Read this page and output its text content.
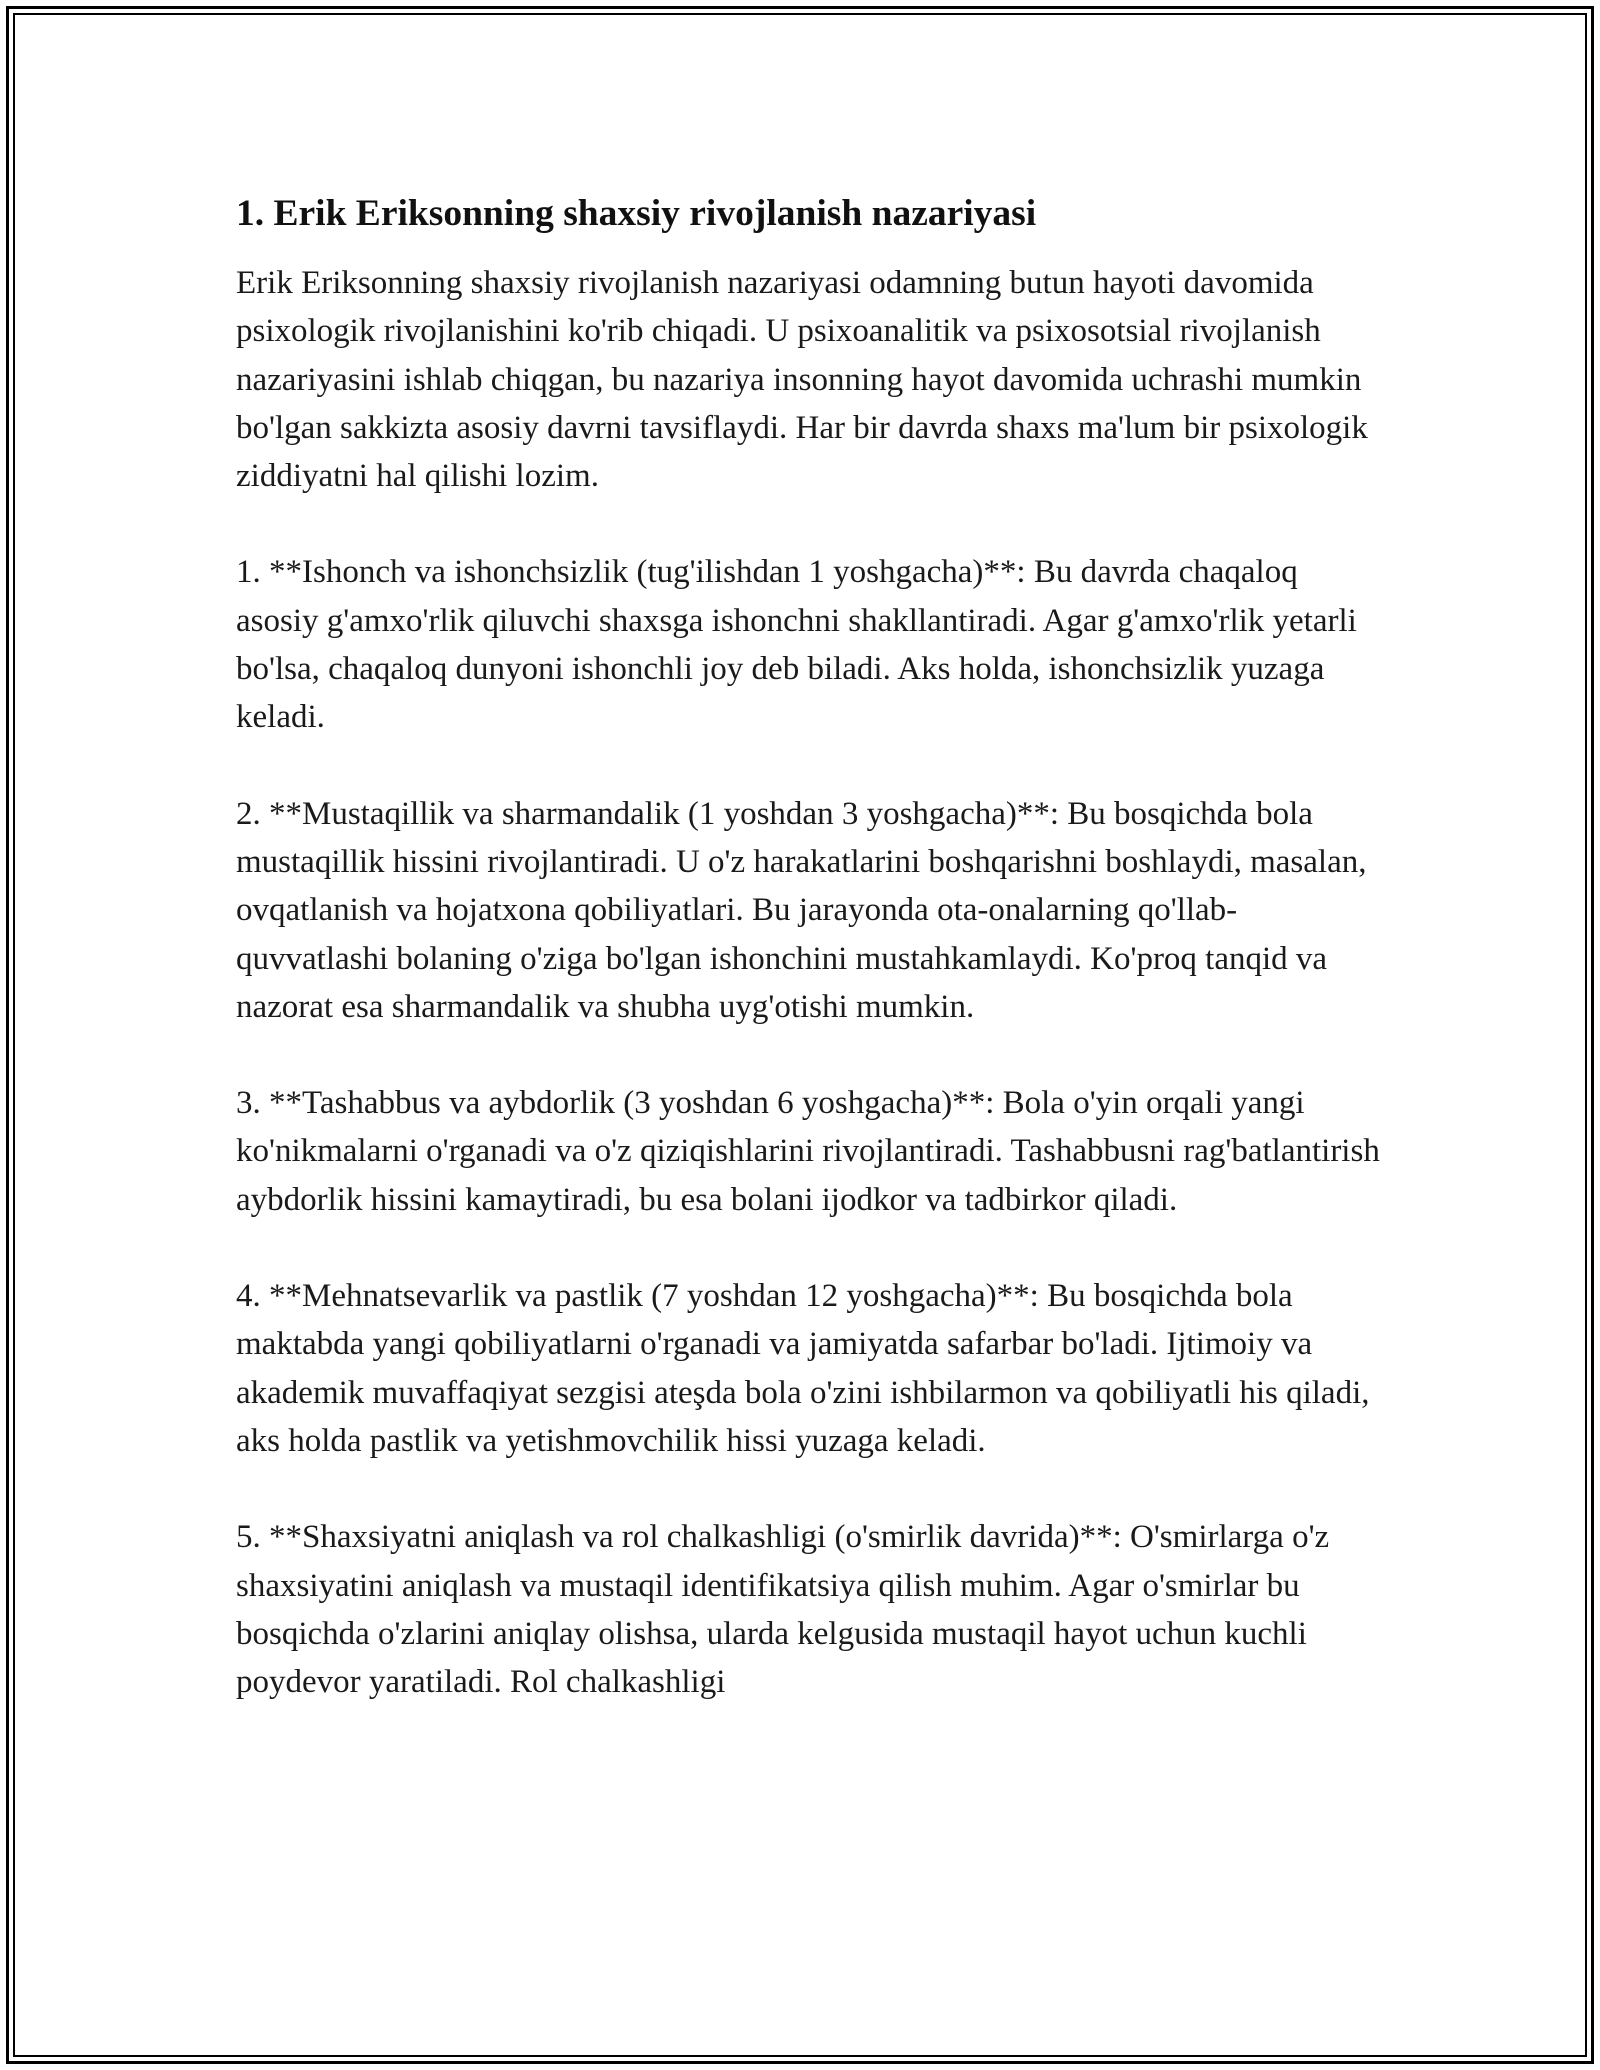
1. Erik Eriksonning shaxsiy rivojlanish nazariyasi

Erik Eriksonning shaxsiy rivojlanish nazariyasi odamning butun hayoti davomida psixologik rivojlanishini ko'rib chiqadi. U psixoanalitik va psixosotsial rivojlanish nazariyasini ishlab chiqgan, bu nazariya insonning hayot davomida uchrashi mumkin bo'lgan sakkizta asosiy davrni tavsiflaydi. Har bir davrda shaxs ma'lum bir psixologik ziddiyatni hal qilishi lozim.

1. **Ishonch va ishonchsizlik (tug'ilishdan 1 yoshgacha)**: Bu davrda chaqaloq asosiy g'amxo'rlik qiluvchi shaxsga ishonchni shakllantiradi. Agar g'amxo'rlik yetarli bo'lsa, chaqaloq dunyoni ishonchli joy deb biladi. Aks holda, ishonchsizlik yuzaga keladi.

2. **Mustaqillik va sharmandalik (1 yoshdan 3 yoshgacha)**: Bu bosqichda bola mustaqillik hissini rivojlantiradi. U o'z harakatlarini boshqarishni boshlaydi, masalan, ovqatlanish va hojatxona qobiliyatlari. Bu jarayonda ota-onalarning qo'llab-quvvatlashi bolaning o'ziga bo'lgan ishonchini mustahkamlaydi. Ko'proq tanqid va nazorat esa sharmandalik va shubha uyg'otishi mumkin.

3. **Tashabbus va aybdorlik (3 yoshdan 6 yoshgacha)**: Bola o'yin orqali yangi ko'nikmalarni o'rganadi va o'z qiziqishlarini rivojlantiradi. Tashabbusni rag'batlantirish aybdorlik hissini kamaytiradi, bu esa bolani ijodkor va tadbirkor qiladi.

4. **Mehnatsevarlik va pastlik (7 yoshdan 12 yoshgacha)**: Bu bosqichda bola maktabda yangi qobiliyatlarni o'rganadi va jamiyatda safarbar bo'ladi. Ijtimoiy va akademik muvaffaqiyat sezgisi ateşda bola o'zini ishbilarmon va qobiliyatli his qiladi, aks holda pastlik va yetishmovchilik hissi yuzaga keladi.

5. **Shaxsiyatni aniqlash va rol chalkashligi (o'smirlik davrida)**: O'smirlarga o'z shaxsiyatini aniqlash va mustaqil identifikatsiya qilish muhim. Agar o'smirlar bu bosqichda o'zlarini aniqlay olishsa, ularda kelgusida mustaqil hayot uchun kuchli poydevor yaratiladi. Rol chalkashligi
